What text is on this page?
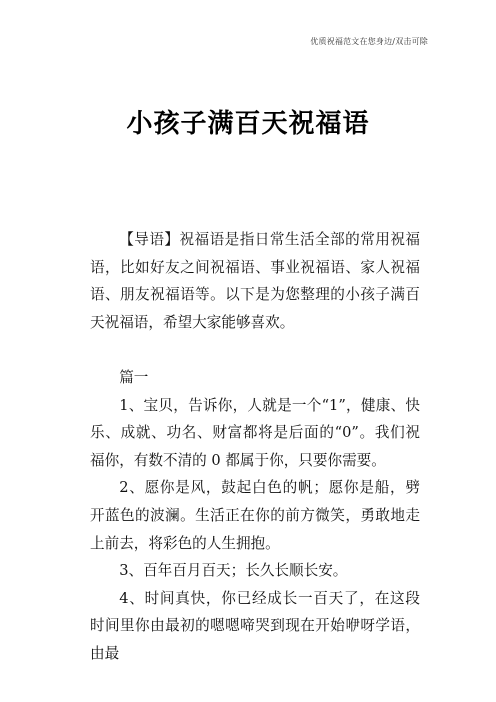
优质祝福范文在您身边/双击可除
小孩子满百天祝福语

【导语】祝福语是指日常生活全部的常用祝福语，比如好友之间祝福语、事业祝福语、家人祝福语、朋友祝福语等。以下是为您整理的小孩子满百天祝福语，希望大家能够喜欢。

篇一

1、宝贝，告诉你，人就是一个“1”，健康、快乐、成就、功名、财富都将是后面的“0”。我们祝福你，有数不清的 0 都属于你，只要你需要。

2、愿你是风，鼓起白色的帆；愿你是船，劈开蓝色的波澜。生活正在你的前方微笑，勇敢地走上前去，将彩色的人生拥抱。

3、百年百月百天；长久长顺长安。

4、时间真快，你已经成长一百天了，在这段时间里你由最初的嗯嗯啼哭到现在开始咿呀学语，由最
